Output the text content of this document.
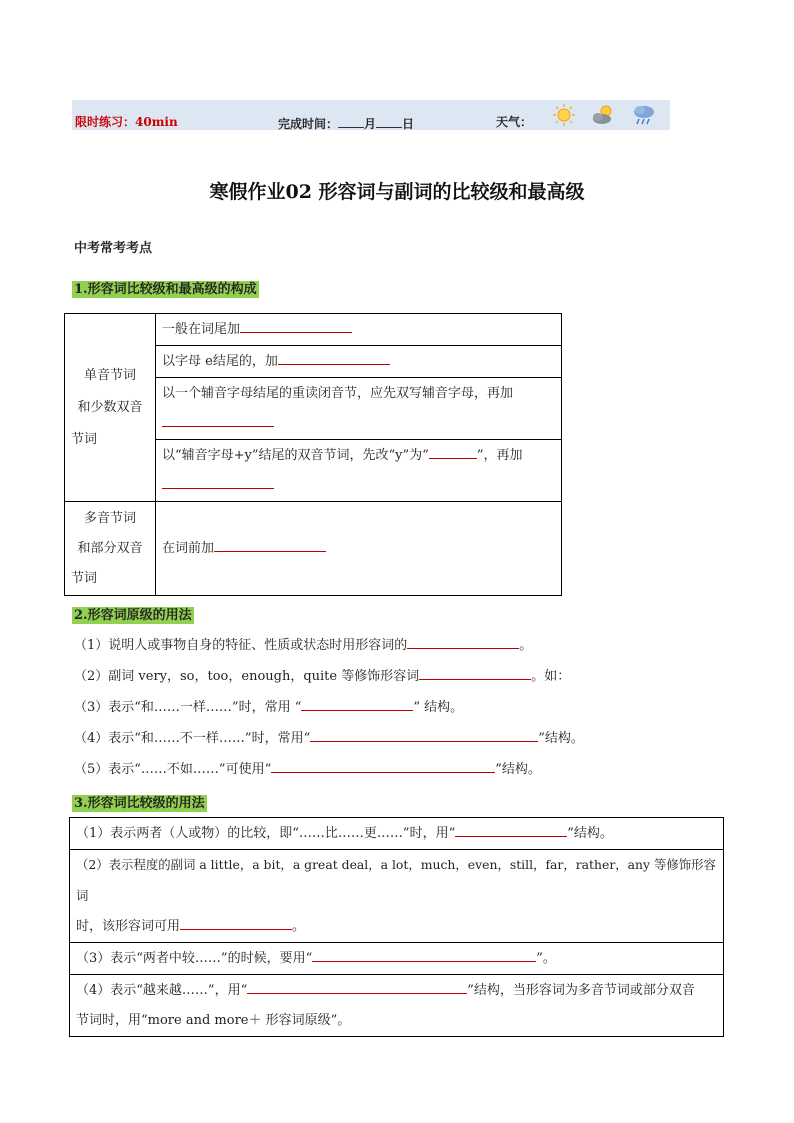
限时练习：40min	完成时间： 月 日	天气：
寒假作业02 形容词与副词的比较级和最高级
中考常考考点
1.形容词比较级和最高级的构成
单音节词
和少数双音
节词	一般在词尾加
	以字母 e结尾的，加
	以一个辅音字母结尾的重读闭音节，应先双写辅音字母，再加

	以“辅音字母+y”结尾的双音节词，先改“y”为“ ”，再加

多音节词
和部分双音
节词	在词前加
2.形容词原级的用法
（1）说明人或事物自身的特征、性质或状态时用形容词的	。
（2）副词 very，so，too，enough，quite 等修饰形容词	。如：
（3）表示“和……一样……”时，常用 “	” 结构。
（4）表示“和……不一样……”时，常用“	”结构。
（5）表示“……不如……”可使用“	”结构。
3.形容词比较级的用法
（1）表示两者（人或物）的比较，即“……比……更……”时，用“	”结构。
（2）表示程度的副词 a little，a bit，a great deal，a lot，much，even，still，far，rather，any 等修饰形容词
时，该形容词可用	。
（3）表示“两者中较……”的时候，要用“	”。
（4）表示“越来越……”，用“	”结构，当形容词为多音节词或部分双音
节词时，用“more and more＋ 形容词原级”。
